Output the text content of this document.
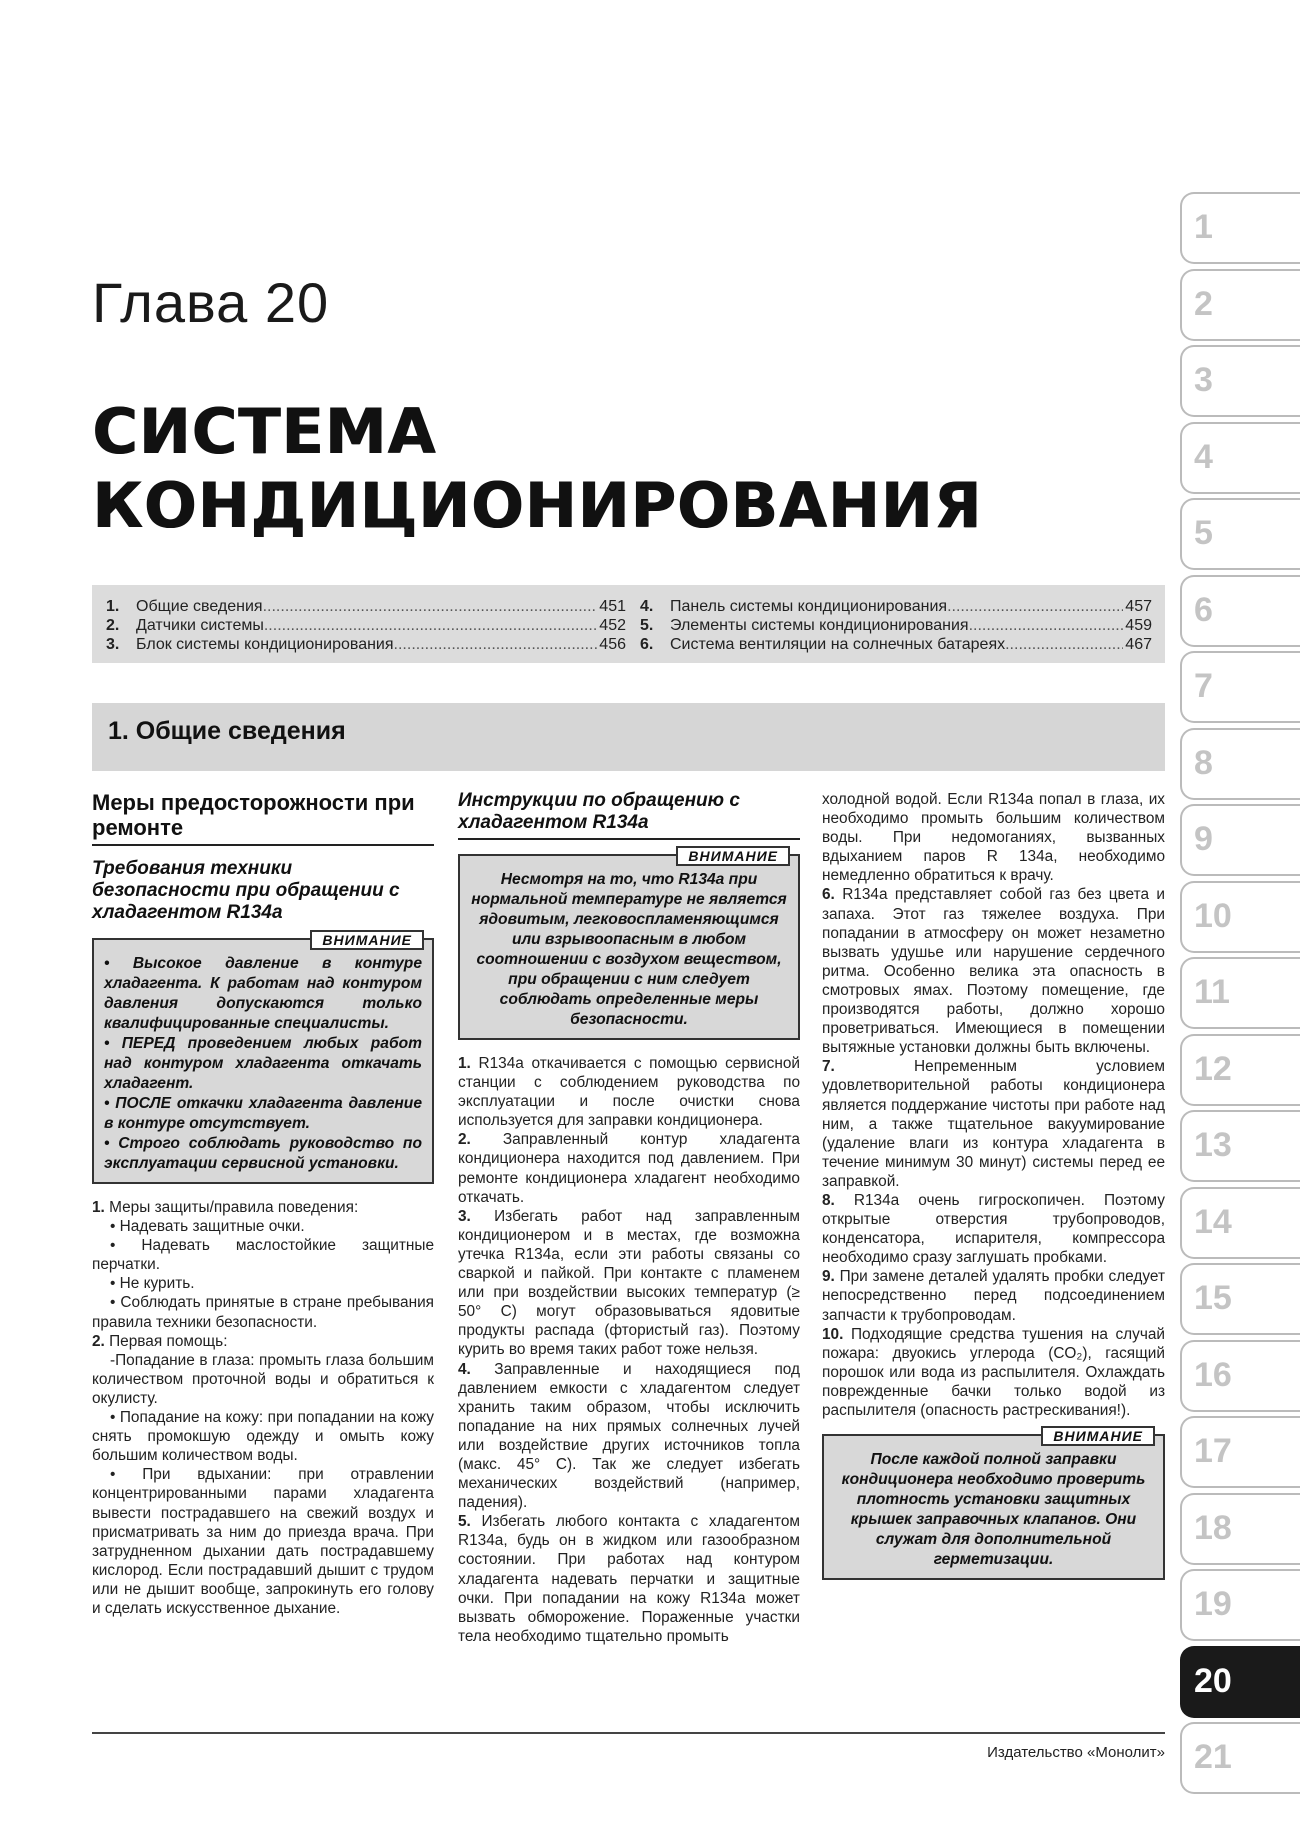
Глава 20
СИСТЕМА
КОНДИЦИОНИРОВАНИЯ
1.	Общие сведения .....	451
2.	Датчики системы .....	452
3.	Блок системы кондиционирования .....	456
4.	Панель системы кондиционирования .....	457
5.	Элементы системы кондиционирования .....	459
6.	Система вентиляции на солнечных батареях .....	467
1. Общие сведения
Меры предосторожности при ремонте
Требования техники безопасности при обращении с хладагентом R134a
ВНИМАНИЕ

• Высокое давление в контуре хладагента. К работам над контуром давления допускаются только квалифицированные специалисты.

• ПЕРЕД проведением любых работ над контуром хладагента откачать хладагент.

• ПОСЛЕ откачки хладагента давление в контуре отсутствует.

• Строго соблюдать руководство по эксплуатации сервисной установки.

1. Меры защиты/правила поведения:

• Надевать защитные очки.

• Надевать маслостойкие защитные перчатки.

• Не курить.

• Соблюдать принятые в стране пребывания правила техники безопасности.

2. Первая помощь:

-Попадание в глаза: промыть глаза большим количеством проточной воды и обратиться к окулисту.

• Попадание на кожу: при попадании на кожу снять промокшую одежду и омыть кожу большим количеством воды.

• При вдыхании: при отравлении концентрированными парами хладагента вывести пострадавшего на свежий воздух и присматривать за ним до приезда врача. При затрудненном дыхании дать пострадавшему кислород. Если пострадавший дышит с трудом или не дышит вообще, запрокинуть его голову и сделать искусственное дыхание.

Инструкции по обращению с хладагентом R134a
ВНИМАНИЕ

Несмотря на то, что R134a при нормальной температуре не является ядовитым, легковоспламеняющимся или взрывоопасным в любом соотношении с воздухом веществом, при обращении с ним следует соблюдать определенные меры безопасности.

1. R134a откачивается с помощью сервисной станции с соблюдением руководства по эксплуатации и после очистки снова используется для заправки кондиционера.

2. Заправленный контур хладагента кондиционера находится под давлением. При ремонте кондиционера хладагент необходимо откачать.

3. Избегать работ над заправленным кондиционером и в местах, где возможна утечка R134a, если эти работы связаны со сваркой и пайкой. При контакте с пламенем или при воздействии высоких температур (≥ 50° С) могут образовываться ядовитые продукты распада (фтористый газ). Поэтому курить во время таких работ тоже нельзя.

4. Заправленные и находящиеся под давлением емкости с хладагентом следует хранить таким образом, чтобы исключить попадание на них прямых солнечных лучей или воздействие других источников топла (макс. 45° С). Так же следует избегать механических воздействий (например, падения).

5. Избегать любого контакта с хладагентом R134a, будь он в жидком или газообразном состоянии. При работах над контуром хладагента надевать перчатки и защитные очки. При попадании на кожу R134a может вызвать обморожение. Пораженные участки тела необходимо тщательно промыть

холодной водой. Если R134a попал в глаза, их необходимо промыть большим количеством воды. При недомоганиях, вызванных вдыханием паров R 134a, необходимо немедленно обратиться к врачу.

6. R134a представляет собой газ без цвета и запаха. Этот газ тяжелее воздуха. При попадании в атмосферу он может незаметно вызвать удушье или нарушение сердечного ритма. Особенно велика эта опасность в смотровых ямах. Поэтому помещение, где производятся работы, должно хорошо проветриваться. Имеющиеся в помещении вытяжные установки должны быть включены.

7.	Непременным условием удовлетворительной работы кондиционера является поддержание чистоты при работе над ним, а также тщательное вакуумирование (удаление влаги из контура хладагента в течение минимум 30 минут) системы перед ее заправкой.

8. R134a очень гигроскопичен. Поэтому открытые отверстия трубопроводов, конденсатора, испарителя, компрессора необходимо сразу заглушать пробками.

9. При замене деталей удалять пробки следует непосредственно перед подсоединением запчасти к трубопроводам.

10. Подходящие средства тушения на случай пожара: двуокись углерода (CO₂), гасящий порошок или вода из распылителя. Охлаждать поврежденные бачки только водой из распылителя (опасность растрескивания!).

ВНИМАНИЕ

После каждой полной заправки кондиционера необходимо проверить плотность установки защитных крышек заправочных клапанов. Они служат для дополнительной герметизации.

1
2
3
4
5
6
7
8
9
10
11
12
13
14
15
16
17
18
19
20
21
Издательство «Монолит»
